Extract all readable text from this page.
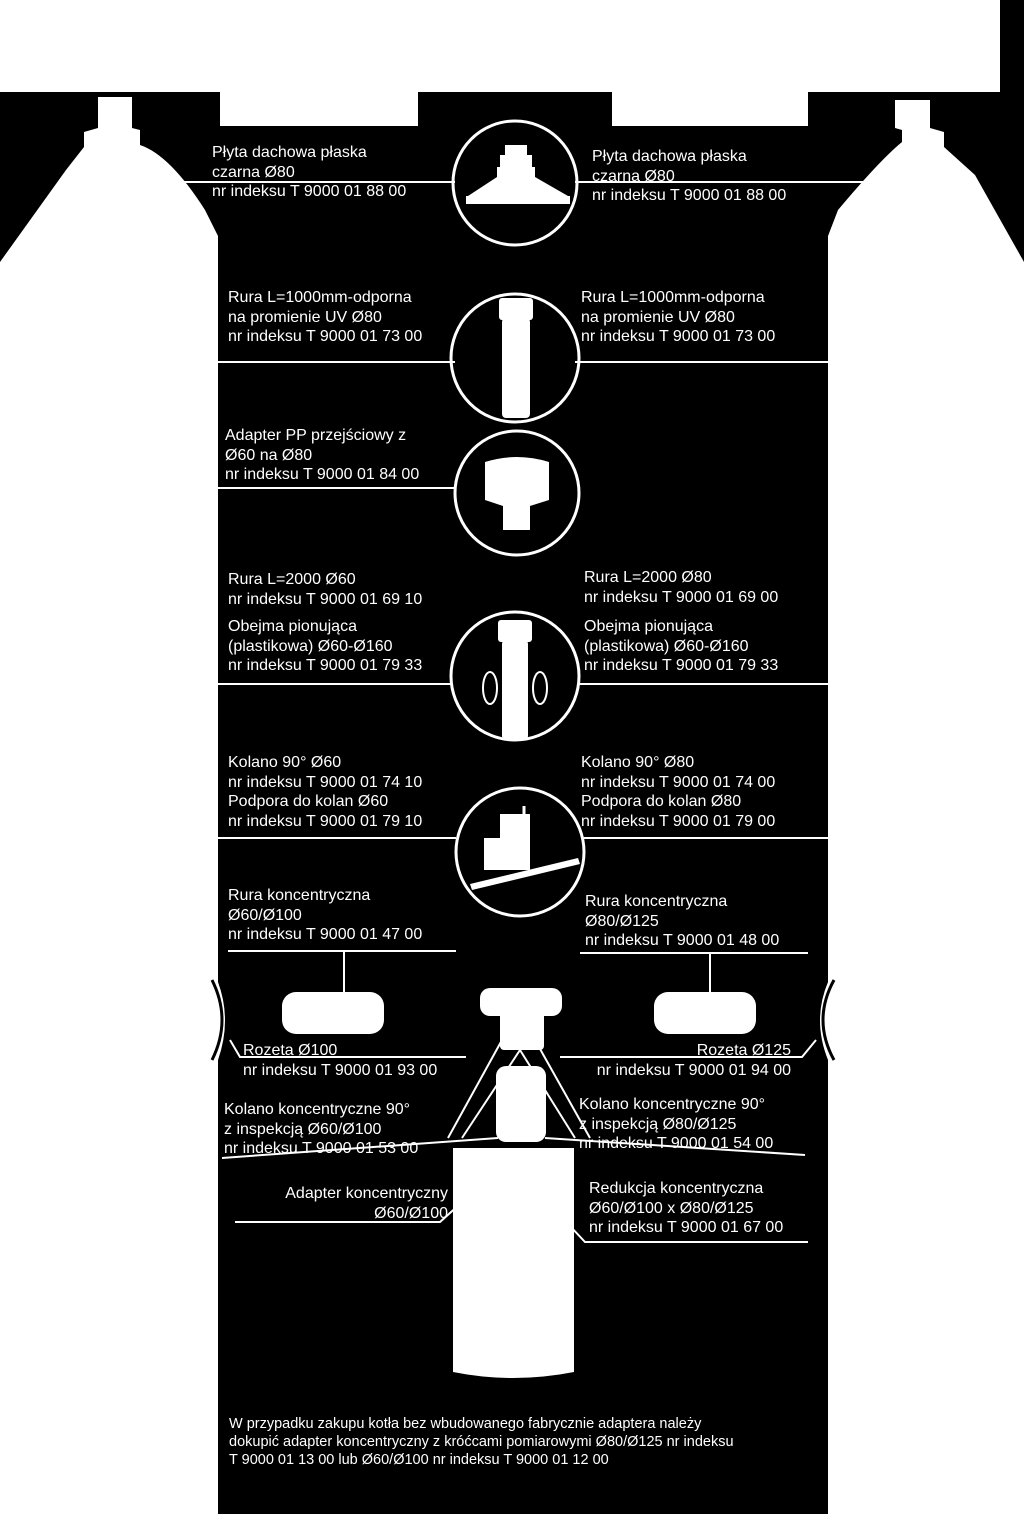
Płyta dachowa płaska
czarna Ø80
nr indeksu T 9000 01 88 00
Płyta dachowa płaska
czarna Ø80
nr indeksu T 9000 01 88 00
Rura L=1000mm-odporna
na promienie UV Ø80
nr indeksu T 9000 01 73 00
Rura L=1000mm-odporna
na promienie UV Ø80
nr indeksu T 9000 01 73 00
Adapter PP przejściowy z
Ø60 na Ø80
nr indeksu T 9000 01 84 00
Rura L=2000 Ø60
nr indeksu T 9000 01 69 10
Obejma pionująca
(plastikowa) Ø60-Ø160
nr indeksu T 9000 01 79 33
Rura L=2000 Ø80
nr indeksu T 9000 01 69 00
Obejma pionująca
(plastikowa) Ø60-Ø160
nr indeksu T 9000 01 79 33
Kolano 90° Ø60
nr indeksu T 9000 01 74 10
Podpora do kolan Ø60
nr indeksu T 9000 01 79 10
Kolano 90° Ø80
nr indeksu T 9000 01 74 00
Podpora do kolan Ø80
nr indeksu T 9000 01 79 00
Rura koncentryczna
Ø60/Ø100
nr indeksu T 9000 01 47 00
Rura koncentryczna
Ø80/Ø125
nr indeksu T 9000 01 48 00
Rozeta Ø100
nr indeksu T 9000 01 93 00
Rozeta Ø125
nr indeksu T 9000 01 94 00
Kolano koncentryczne 90°
z inspekcją Ø60/Ø100
nr indeksu T 9000 01 53 00
Kolano koncentryczne 90°
z inspekcją Ø80/Ø125
nr indeksu T 9000 01 54 00
Adapter koncentryczny
Ø60/Ø100
Redukcja koncentryczna
Ø60/Ø100 x Ø80/Ø125
nr indeksu T 9000 01 67 00
W przypadku zakupu kotła bez wbudowanego fabrycznie adaptera należy
dokupić adapter koncentryczny z króćcami pomiarowymi Ø80/Ø125 nr indeksu
T 9000 01 13 00 lub Ø60/Ø100 nr indeksu T 9000 01 12 00
